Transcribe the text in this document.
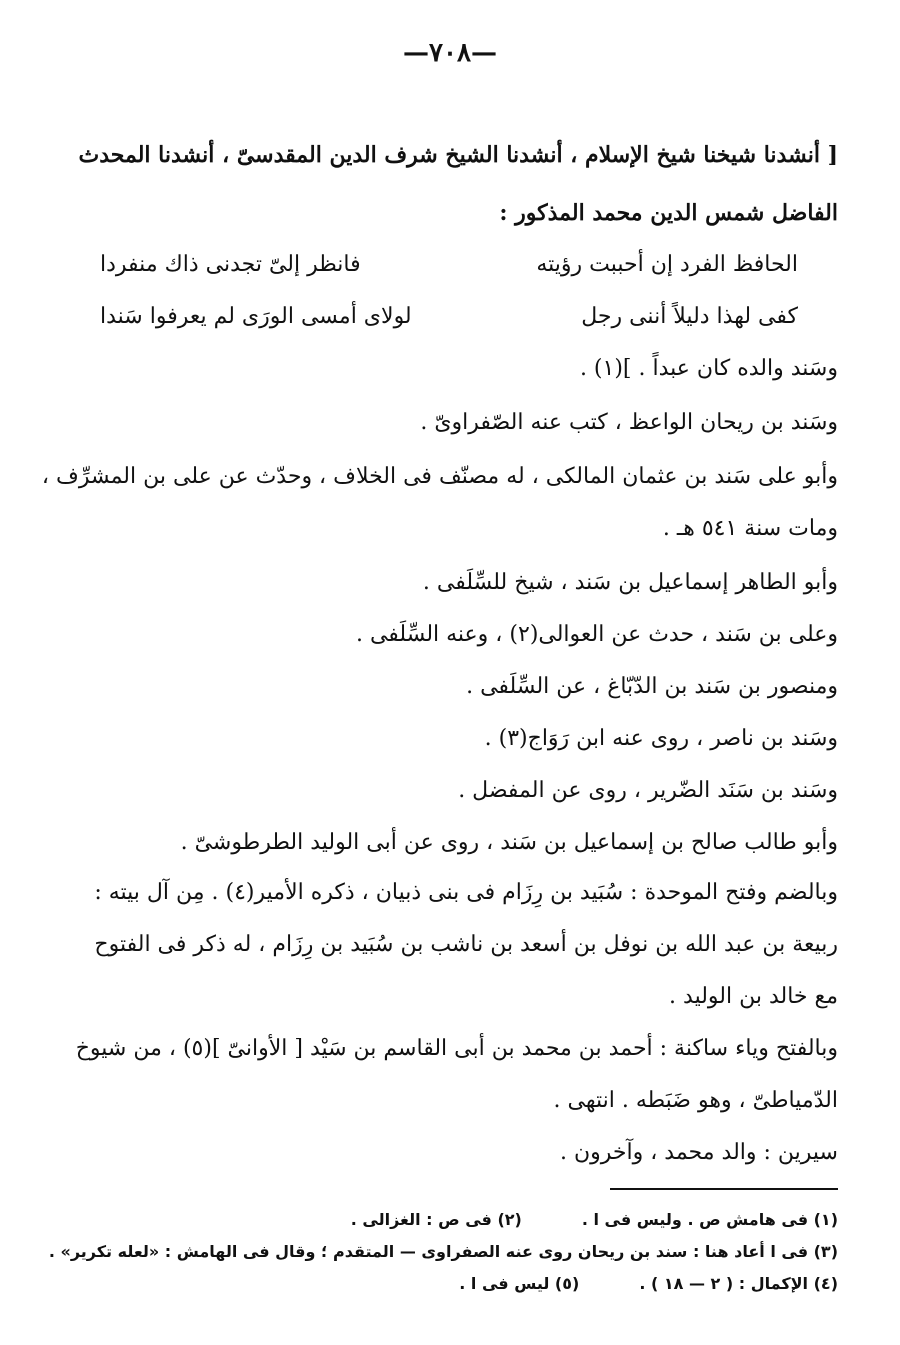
—٧٠٨—
[ أنشدنا شيخنا شيخ الإسلام ، أنشدنا الشيخ شرف الدين المقدسىّ ، أنشدنا المحدث
الفاضل شمس الدين محمد المذكور :
الحافظ الفرد إن أحببت رؤيته
فانظر إلىّ تجدنى ذاك منفردا
كفى لهذا دليلاً أننى رجل
لولاى أمسى الورَى لم يعرفوا سَندا
وسَند والده كان عبداً . ](١) .
وسَند بن ريحان الواعظ ، كتب عنه الصّفراوىّ .
وأبو على سَند بن عثمان المالكى ، له مصنّف فى الخلاف ، وحدّث عن على بن المشرِّف ،
ومات سنة ٥٤١ هـ .
وأبو الطاهر إسماعيل بن سَند ، شيخ للسِّلَفى .
وعلى بن سَند ، حدث عن العوالى(٢) ، وعنه السِّلَفى .
ومنصور بن سَند بن الدّبّاغ ، عن السِّلَفى .
وسَند بن ناصر ، روى عنه ابن رَوَاج(٣) .
وسَند بن سَنَد الضّرير ، روى عن المفضل .
وأبو طالب صالح بن إسماعيل بن سَند ، روى عن أبى الوليد الطرطوشىّ .
وبالضم وفتح الموحدة : سُبَيد بن رِزَام فى بنى ذبيان ، ذكره الأمير(٤) . مِن آل بيته :
ربيعة بن عبد الله بن نوفل بن أسعد بن ناشب بن سُبَيد بن رِزَام ، له ذكر فى الفتوح
مع خالد بن الوليد .
وبالفتح وياء ساكنة : أحمد بن محمد بن أبى القاسم بن سَيْد [ الأوانىّ ](٥) ، من شيوخ
الدّمياطىّ ، وهو ضَبَطه . انتهى .
سيرين : والد محمد ، وآخرون .
(١) فى هامش ص . وليس فى ا .(٢) فى ص : الغزالى .
(٣) فى ا أعاد هنا : سند بن ريحان روى عنه الصفراوى — المتقدم ؛ وقال فى الهامش : «لعله تكرير» .
(٤) الإكمال : ( ٢ — ١٨ ) .(٥) ليس فى ا .
